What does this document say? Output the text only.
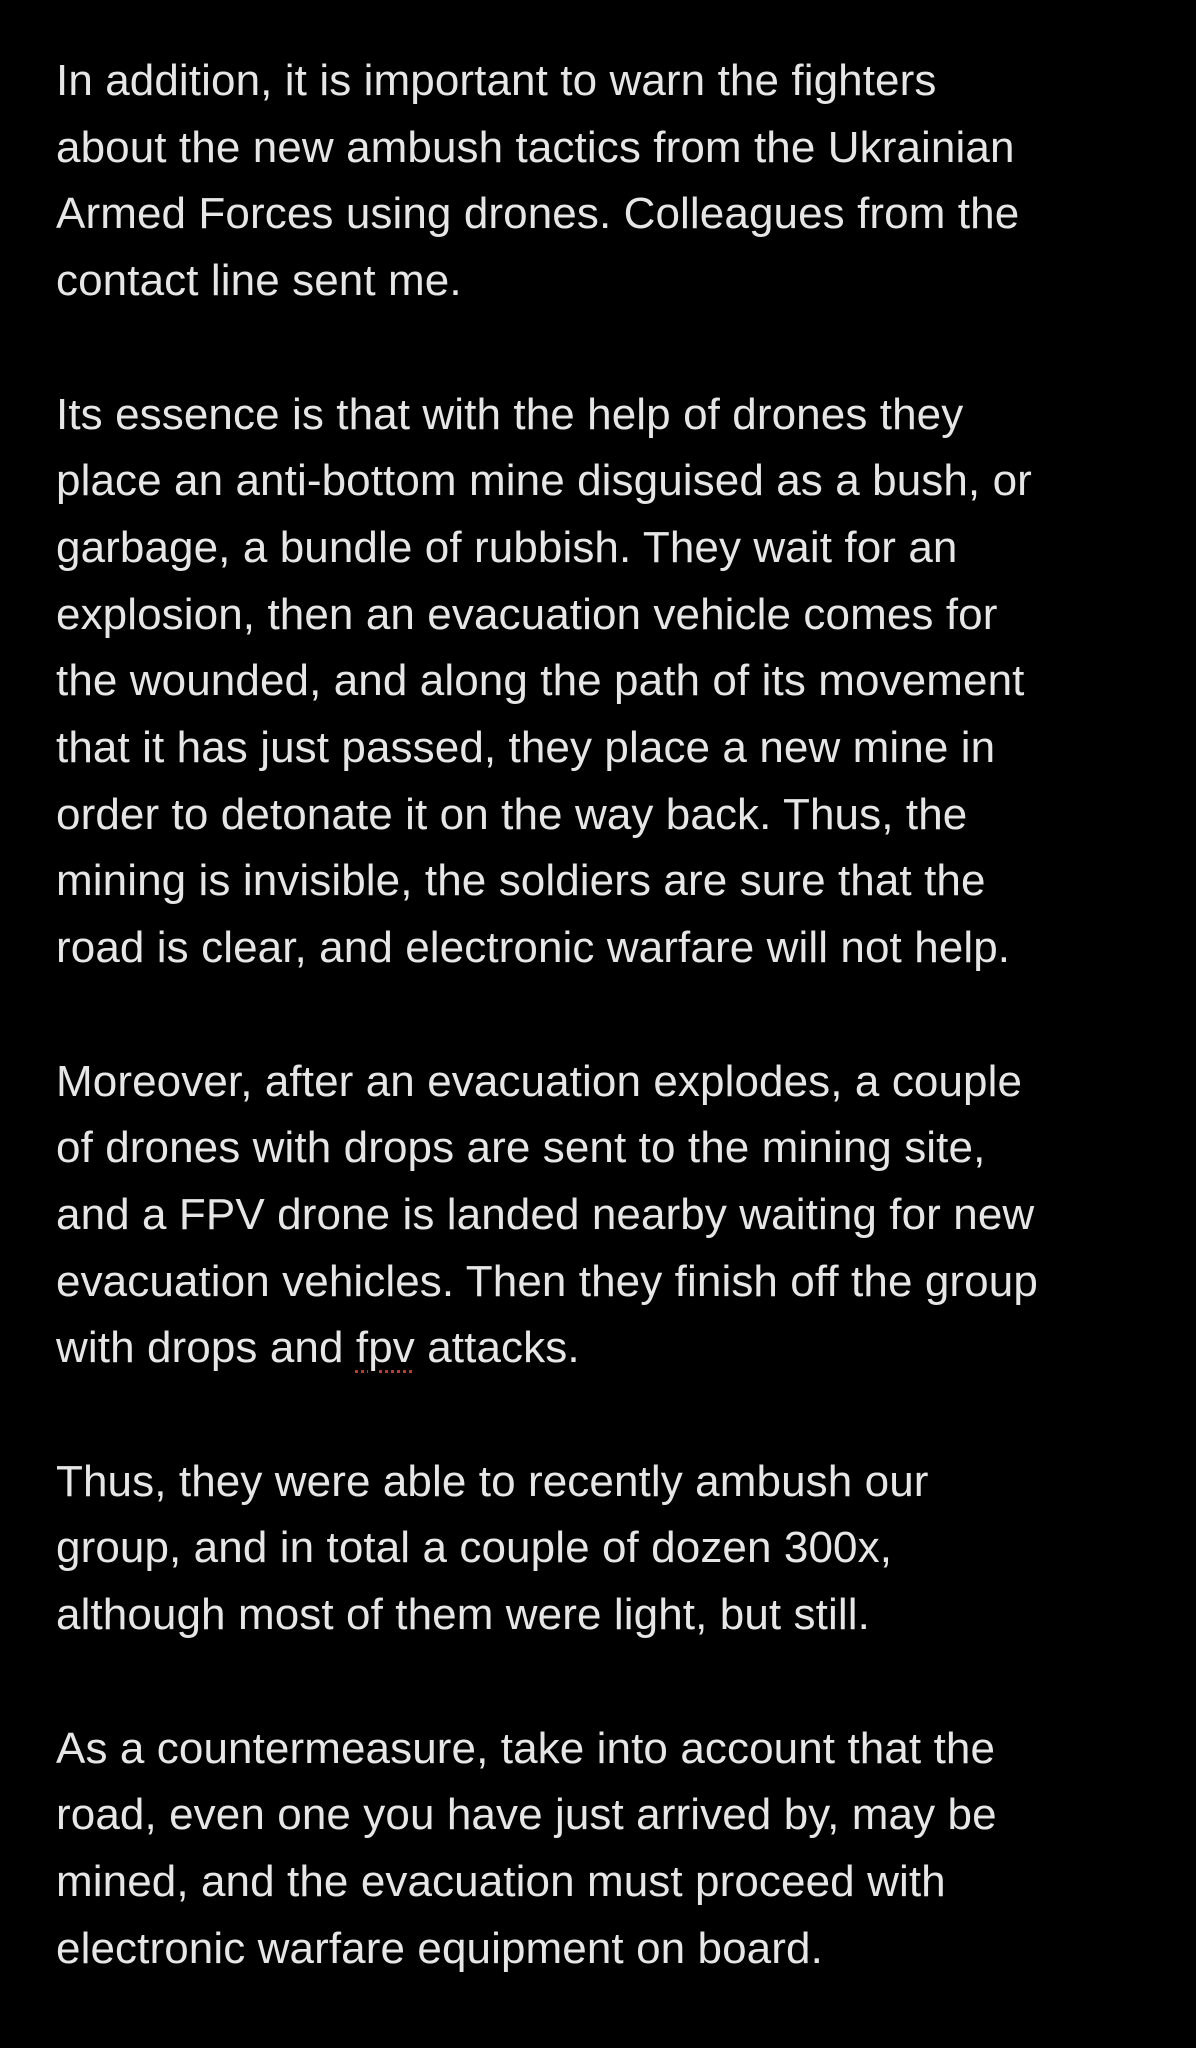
In addition, it is important to warn the fighters
about the new ambush tactics from the Ukrainian
Armed Forces using drones. Colleagues from the
contact line sent me.

Its essence is that with the help of drones they
place an anti-bottom mine disguised as a bush, or
garbage, a bundle of rubbish. They wait for an
explosion, then an evacuation vehicle comes for
the wounded, and along the path of its movement
that it has just passed, they place a new mine in
order to detonate it on the way back. Thus, the
mining is invisible, the soldiers are sure that the
road is clear, and electronic warfare will not help.

Moreover, after an evacuation explodes, a couple
of drones with drops are sent to the mining site,
and a FPV drone is landed nearby waiting for new
evacuation vehicles. Then they finish off the group
with drops and fpv attacks.

Thus, they were able to recently ambush our
group, and in total a couple of dozen 300x,
although most of them were light, but still.

As a countermeasure, take into account that the
road, even one you have just arrived by, may be
mined, and the evacuation must proceed with
electronic warfare equipment on board.
